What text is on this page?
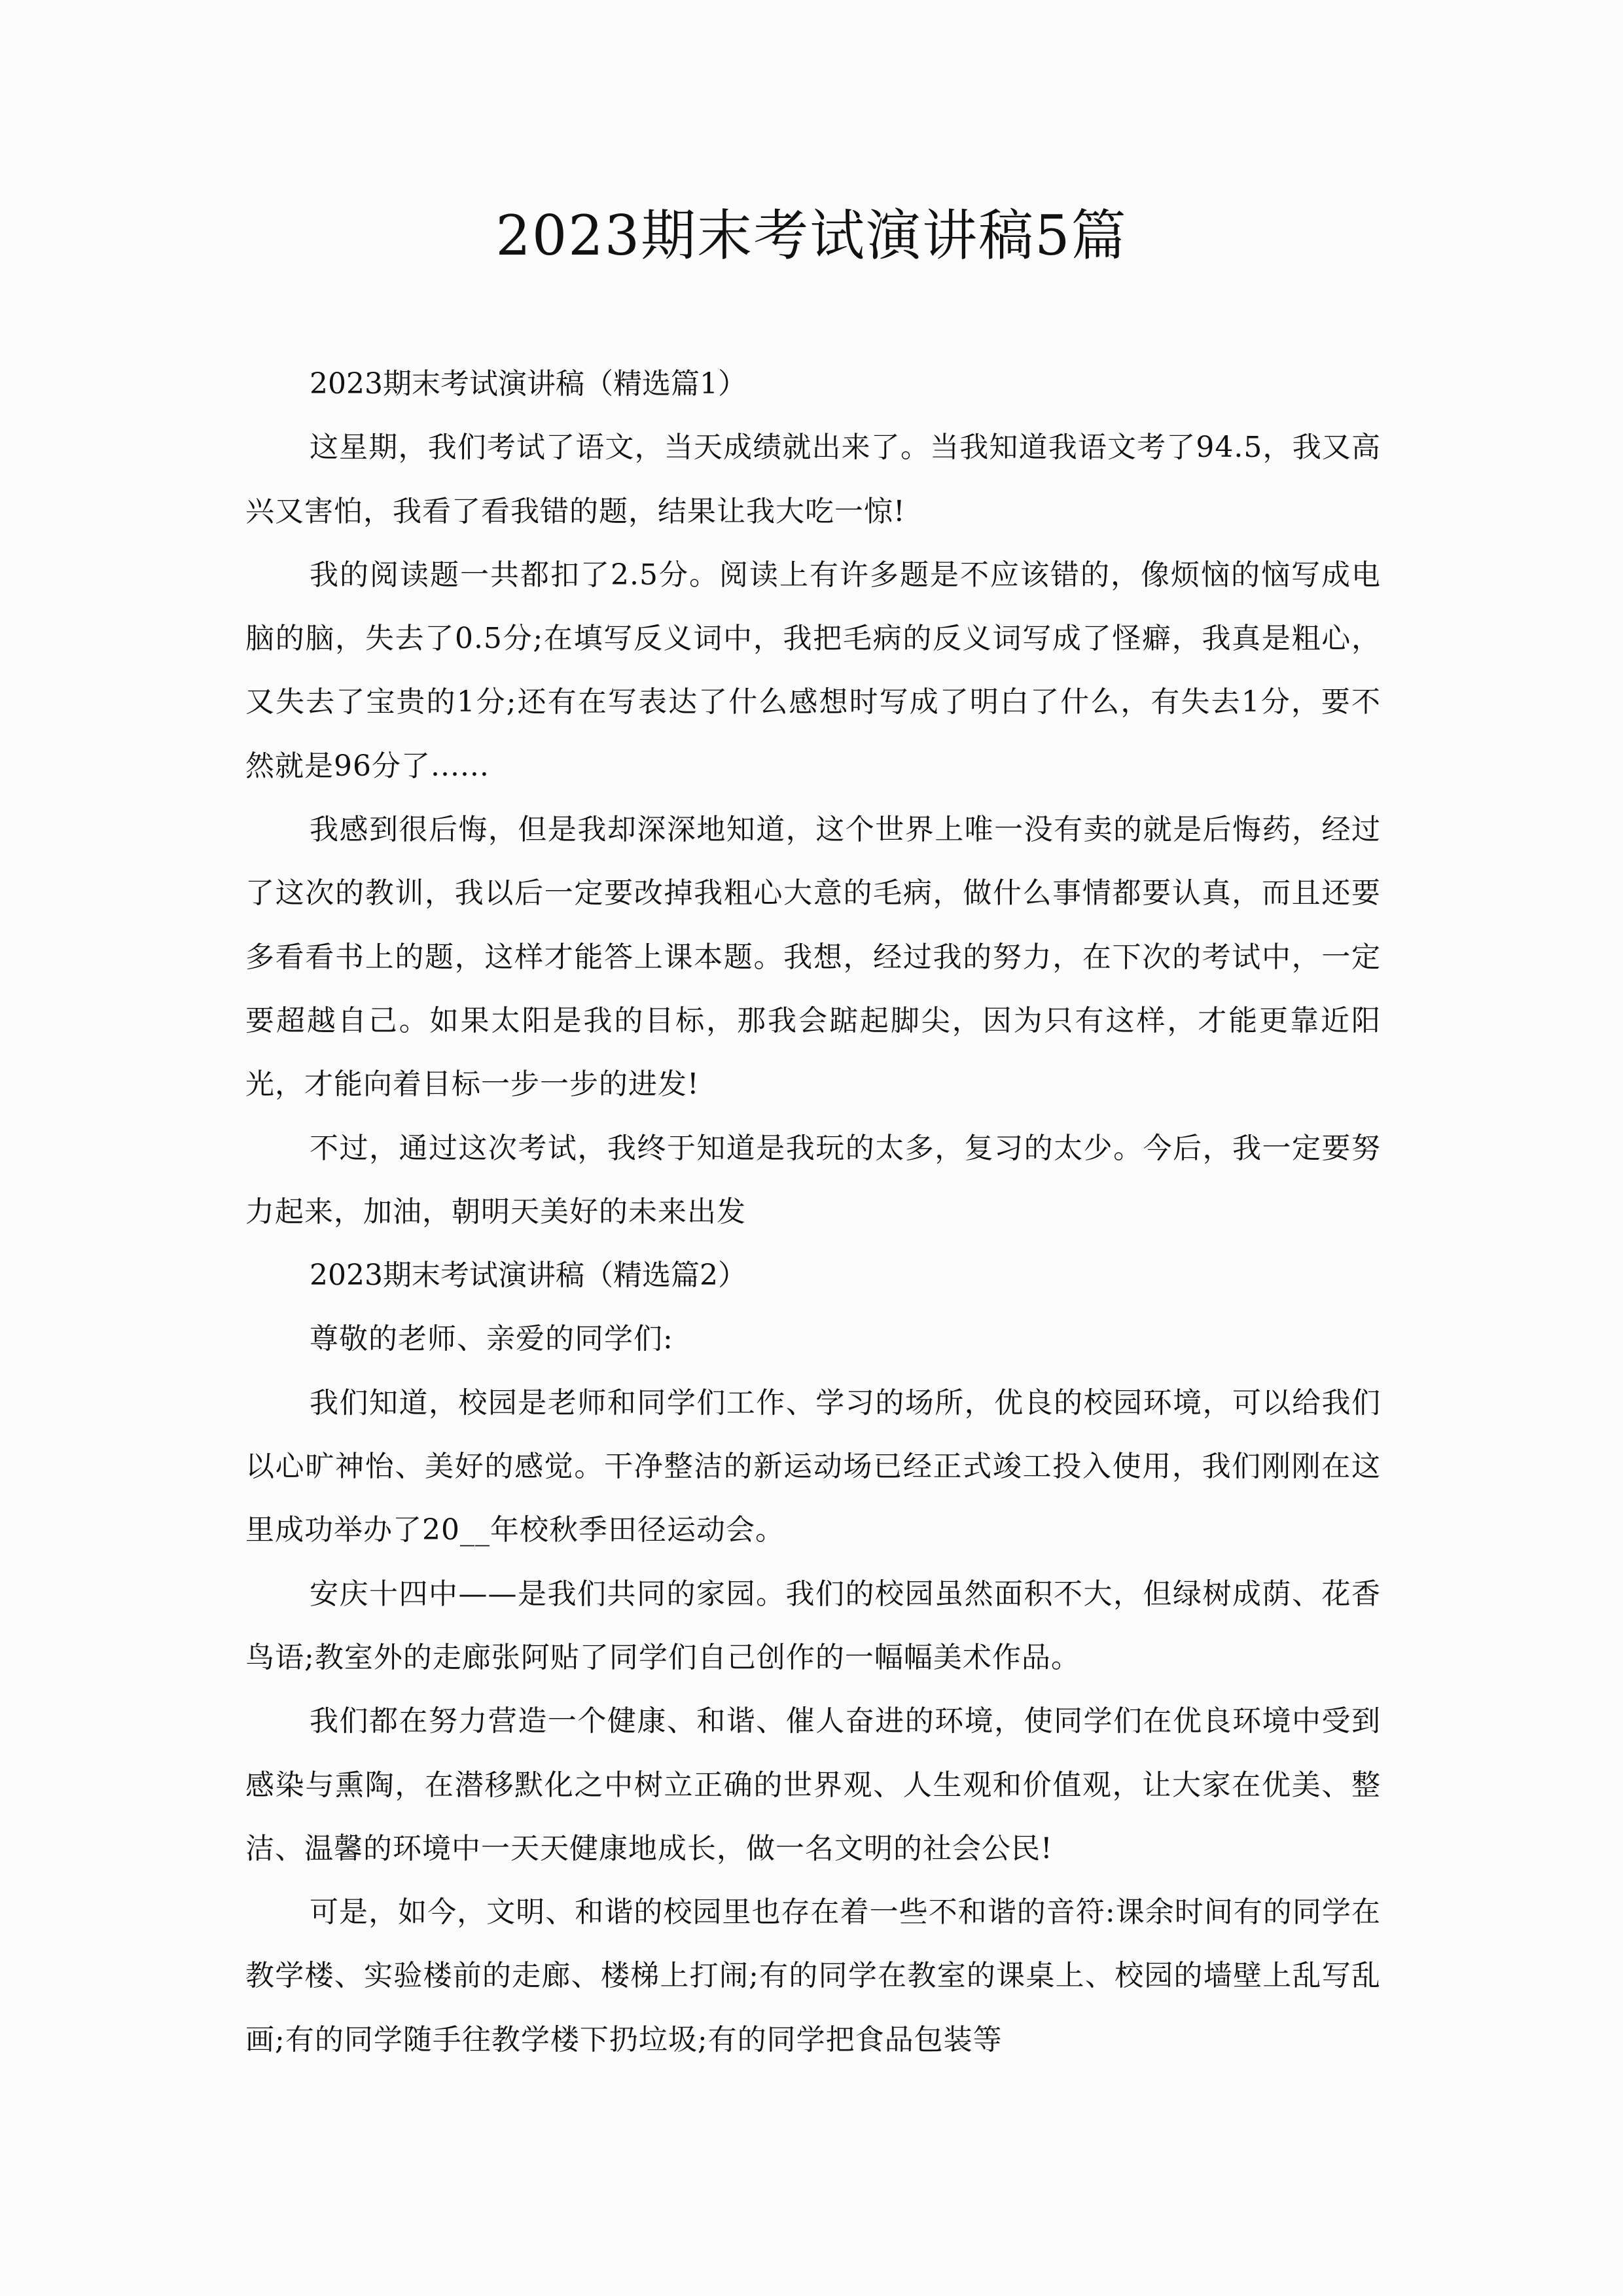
2023期末考试演讲稿5篇
2023期末考试演讲稿（精选篇1）

这星期，我们考试了语文，当天成绩就出来了。当我知道我语文考了94.5，我又高兴又害怕，我看了看我错的题，结果让我大吃一惊!

我的阅读题一共都扣了2.5分。阅读上有许多题是不应该错的，像烦恼的恼写成电脑的脑，失去了0.5分;在填写反义词中，我把毛病的反义词写成了怪癖，我真是粗心，又失去了宝贵的1分;还有在写表达了什么感想时写成了明白了什么，有失去1分，要不然就是96分了......

我感到很后悔，但是我却深深地知道，这个世界上唯一没有卖的就是后悔药，经过了这次的教训，我以后一定要改掉我粗心大意的毛病，做什么事情都要认真，而且还要多看看书上的题，这样才能答上课本题。我想，经过我的努力，在下次的考试中，一定要超越自己。如果太阳是我的目标，那我会踮起脚尖，因为只有这样，才能更靠近阳光，才能向着目标一步一步的进发!

不过，通过这次考试，我终于知道是我玩的太多，复习的太少。今后，我一定要努力起来，加油，朝明天美好的未来出发

2023期末考试演讲稿（精选篇2）

尊敬的老师、亲爱的同学们:

我们知道，校园是老师和同学们工作、学习的场所，优良的校园环境，可以给我们以心旷神怡、美好的感觉。干净整洁的新运动场已经正式竣工投入使用，我们刚刚在这里成功举办了20__年校秋季田径运动会。

安庆十四中——是我们共同的家园。我们的校园虽然面积不大，但绿树成荫、花香鸟语;教室外的走廊张阿贴了同学们自己创作的一幅幅美术作品。

我们都在努力营造一个健康、和谐、催人奋进的环境，使同学们在优良环境中受到感染与熏陶，在潜移默化之中树立正确的世界观、人生观和价值观，让大家在优美、整洁、温馨的环境中一天天健康地成长，做一名文明的社会公民!

可是，如今，文明、和谐的校园里也存在着一些不和谐的音符:课余时间有的同学在教学楼、实验楼前的走廊、楼梯上打闹;有的同学在教室的课桌上、校园的墙壁上乱写乱画;有的同学随手往教学楼下扔垃圾;有的同学把食品包装等
